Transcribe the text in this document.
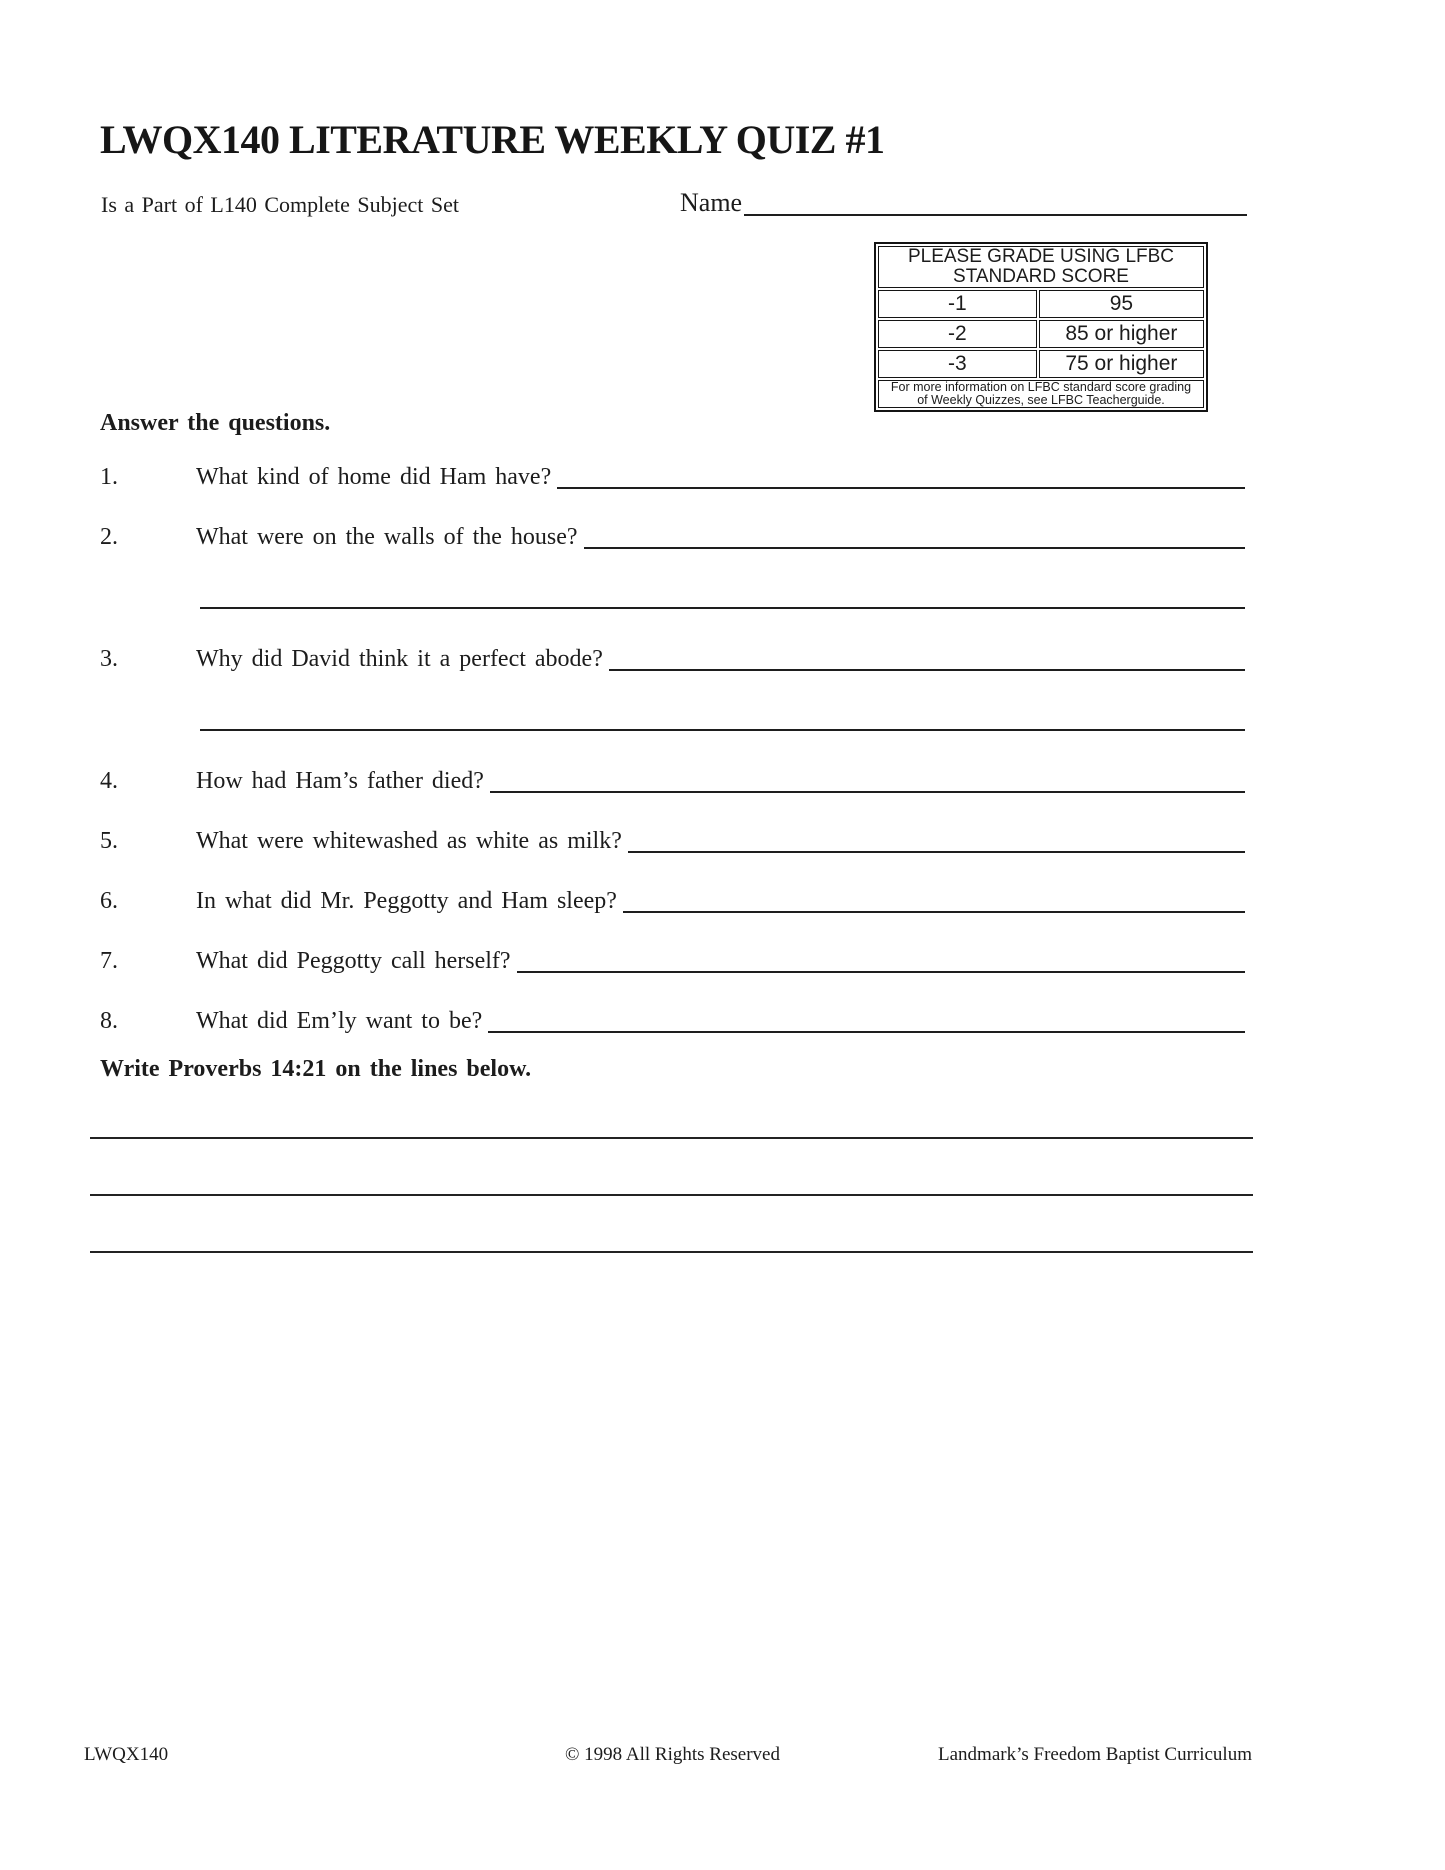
LWQX140 LITERATURE WEEKLY QUIZ #1
Is a Part of L140 Complete Subject Set	Name
PLEASE GRADE USING LFBC
STANDARD SCORE	

-1	95
-2	85 or higher
-3	75 or higher

For more information on LFBC standard score grading
of Weekly Quizzes, see LFBC Teacherguide.	
Answer the questions.
1.	What kind of home did Ham have?
2.	What were on the walls of the house?
3.	Why did David think it a perfect abode?
4.	How had Ham’s father died?
5.	What were whitewashed as white as milk?
6.	In what did Mr. Peggotty and Ham sleep?
7.	What did Peggotty call herself?
8.	What did Em’ly want to be?
Write Proverbs 14:21 on the lines below.
LWQX140	© 1998 All Rights Reserved	Landmark’s Freedom Baptist Curriculum
